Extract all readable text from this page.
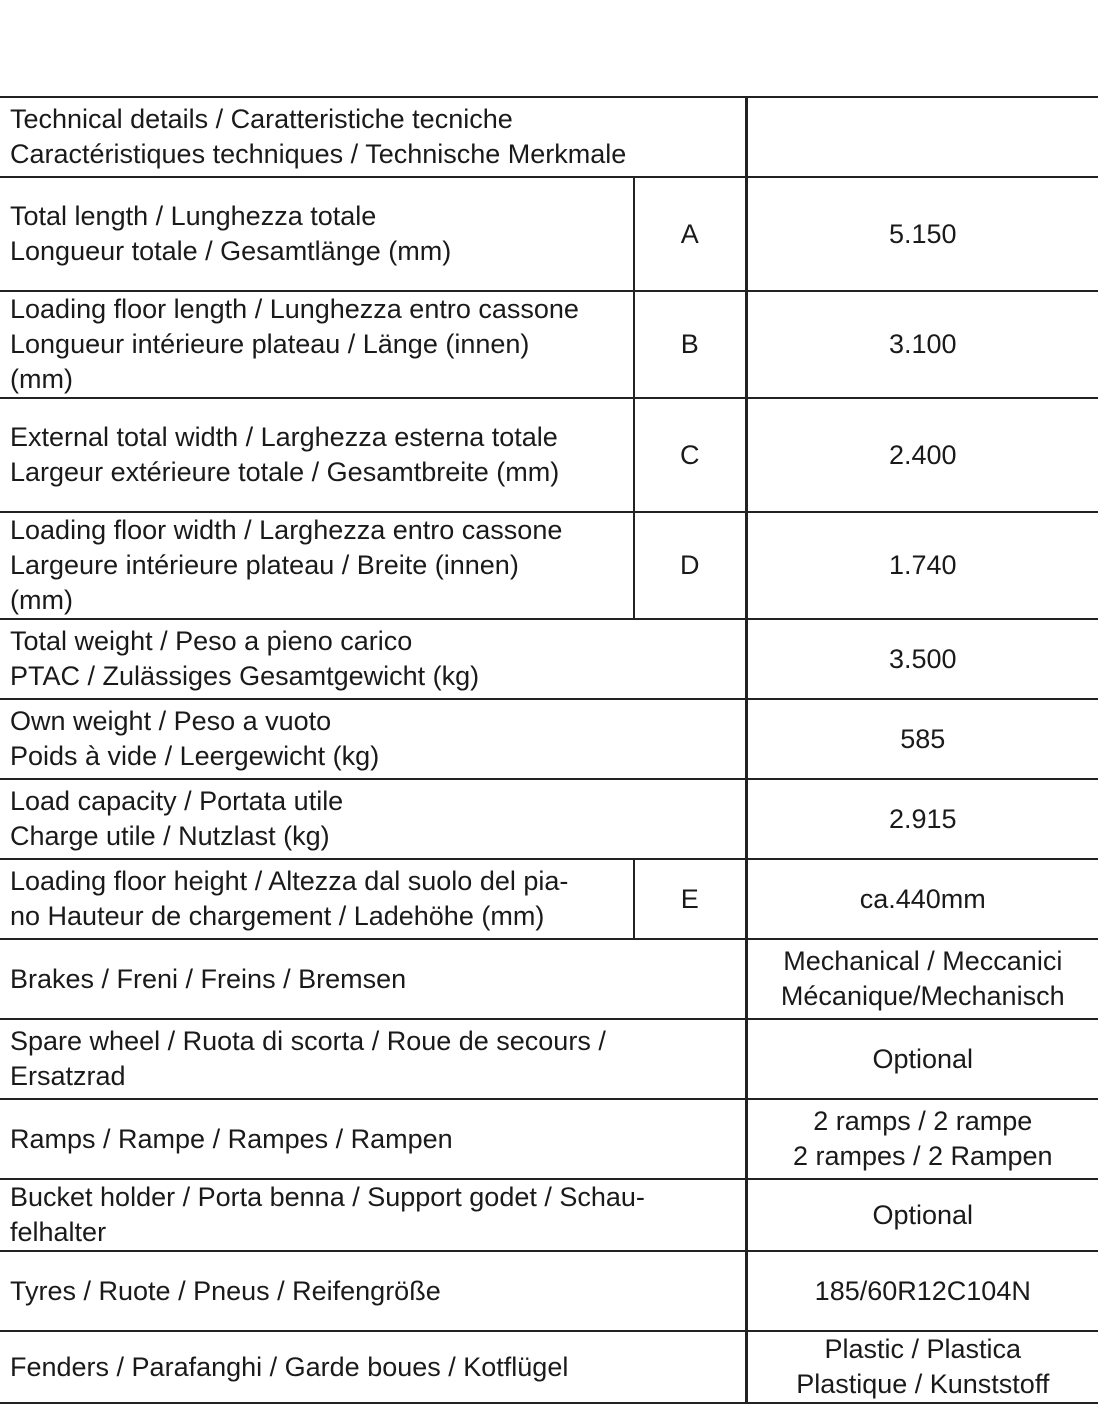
Technical details / Caratteristiche tecniche
Caractéristiques techniques / Technische Merkmale		

Total length / Lunghezza totale
Longueur totale / Gesamtlänge (mm)	A	5.150

Loading floor length / Lunghezza entro cassone
Longueur intérieure plateau / Länge (innen)
(mm)	B	3.100

External total width / Larghezza esterna totale
Largeur extérieure totale / Gesamtbreite (mm)	C	2.400

Loading floor width / Larghezza entro cassone
Largeure intérieure plateau / Breite (innen)
(mm)	D	1.740

Total weight / Peso a pieno carico
PTAC / Zulässiges Gesamtgewicht (kg)		3.500

Own weight / Peso a vuoto
Poids à vide / Leergewicht (kg)		585

Load capacity / Portata utile
Charge utile / Nutzlast (kg)		2.915

Loading floor height / Altezza dal suolo del pia-
no Hauteur de chargement / Ladehöhe (mm)	E	ca.440mm

Brakes / Freni / Freins / Bremsen		Mechanical / Meccanici
Mécanique/Mechanisch

Spare wheel / Ruota di scorta / Roue de secours /
Ersatzrad		Optional

Ramps / Rampe / Rampes / Rampen		2 ramps / 2 rampe
2 rampes / 2 Rampen

Bucket holder / Porta benna / Support godet / Schau-
felhalter		Optional

Tyres / Ruote / Pneus / Reifengröße		185/60R12C104N

Fenders / Parafanghi / Garde boues / Kotflügel		Plastic / Plastica
Plastique / Kunststoff
